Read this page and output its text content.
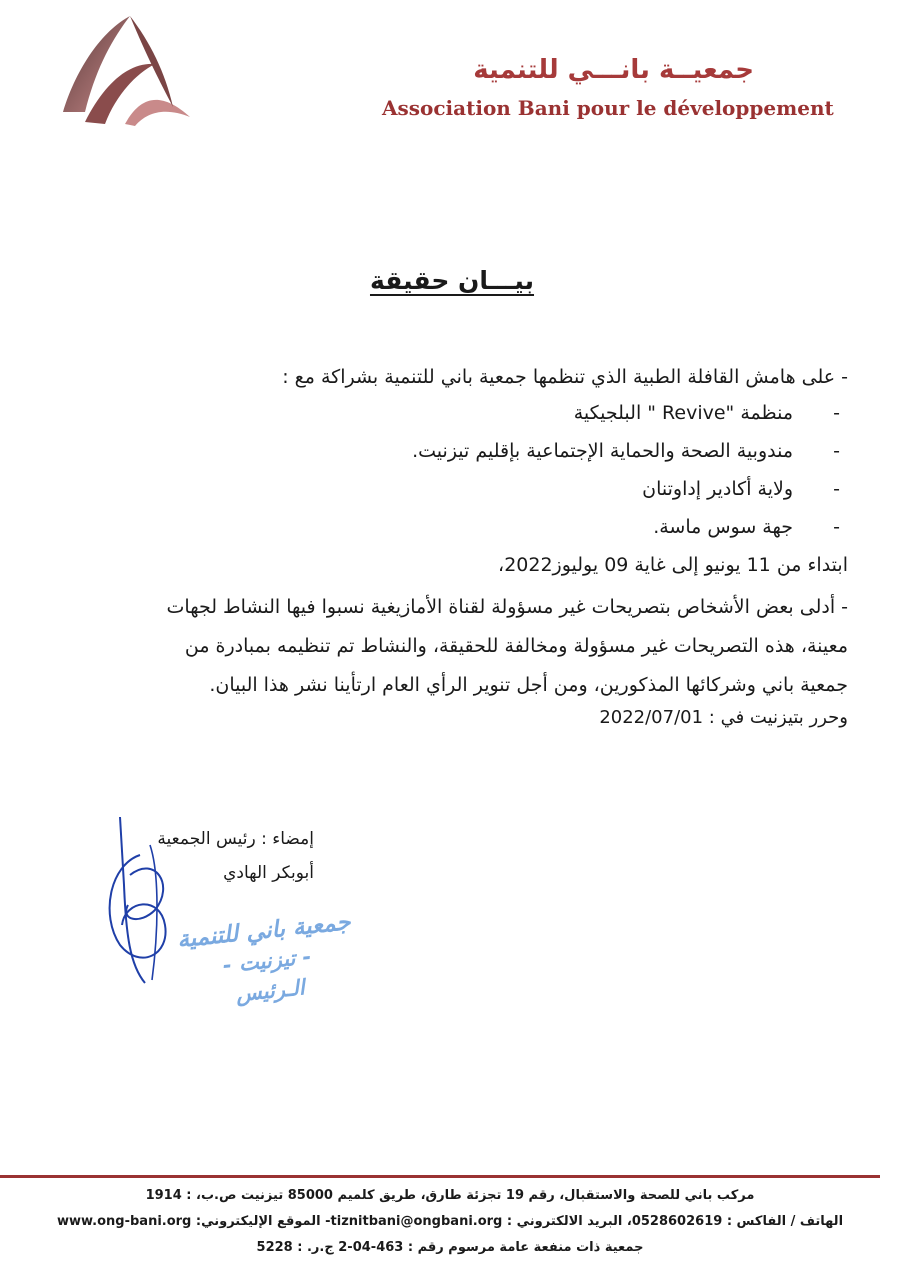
جمعيــة بانـــي للتنمية
Association Bani pour le développement
بيـــان حقيقة
- على هامش القافلة الطبية الذي تنظمها جمعية باني للتنمية بشراكة مع :
-
منظمة "Revive " البلجيكية
-
مندوبية الصحة والحماية الإجتماعية بإقليم تيزنيت.
-
ولاية أكادير إداوتنان
-
جهة سوس ماسة.
ابتداء من 11 يونيو إلى غاية 09 يوليوز2022،
- أدلى بعض الأشخاص بتصريحات غير مسؤولة لقناة الأمازيغية نسبوا فيها النشاط لجهات
معينة، هذه التصريحات غير مسؤولة ومخالفة للحقيقة، والنشاط تم تنظيمه بمبادرة من
جمعية باني وشركائها المذكورين، ومن أجل تنوير الرأي العام ارتأينا نشر هذا البيان.
وحرر بتيزنيت في : 2022/07/01
إمضاء : رئيس الجمعية
أبوبكر الهادي
جمعية باني للتنمية
- تيزنيت -
الـرئيس
مركب باني للصحة والاستقبال، رقم 19 تجزئة طارق، طريق كلميم 85000 تيزنيت ص.ب، : 1914
الهاتف / الفاكس : 0528602619، البريد الالكتروني : tiznitbani@ongbani.org- الموقع الإليكتروني: www.ong-bani.org
جمعية ذات منفعة عامة مرسوم رقم : 463-04-2 ج.ر. : 5228
